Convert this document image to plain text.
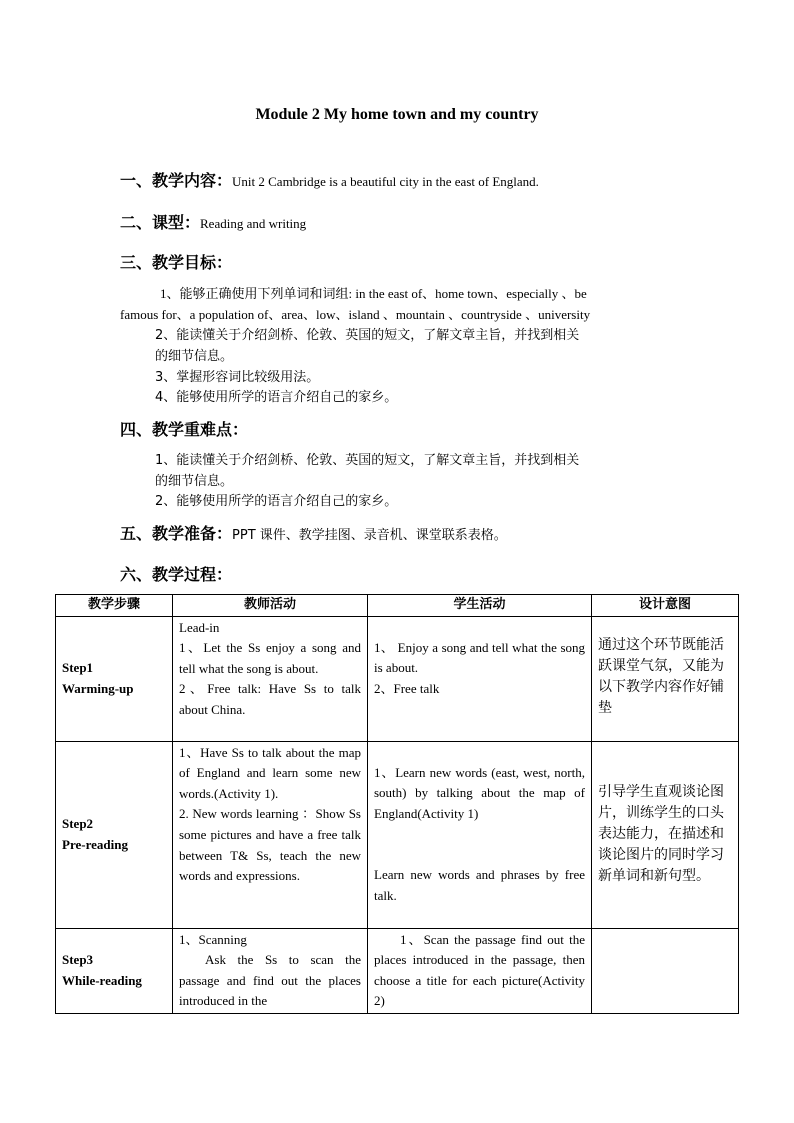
Module 2 My home town and my country
一、教学内容：Unit 2 Cambridge is a beautiful city in the east of England.
二、课型：Reading and writing
三、教学目标：
1、能够正确使用下列单词和词组: in the east of、home town、especially 、be
famous for、a population of、area、low、island 、mountain 、countryside 、university
2、能读懂关于介绍剑桥、伦敦、英国的短文，了解文章主旨，并找到相关
的细节信息。
3、掌握形容词比较级用法。
4、能够使用所学的语言介绍自己的家乡。
四、教学重难点：
1、能读懂关于介绍剑桥、伦敦、英国的短文，了解文章主旨，并找到相关
的细节信息。
2、能够使用所学的语言介绍自己的家乡。
五、教学准备：PPT 课件、教学挂图、录音机、课堂联系表格。
六、教学过程：
教学步骤	教师活动	学生活动	设计意图

Step1
Warming-up	Lead-in
1、Let the Ss enjoy a song and tell what the song is about.
2、Free talk: Have Ss to talk about China.	1、 Enjoy a song and tell what the song is about.
2、Free talk	通过这个环节既能活跃课堂气氛，又能为以下教学内容作好铺垫

Step2
Pre-reading	1、Have Ss to talk about the map of England and learn some new words.(Activity 1).
2. New words learning ：Show Ss some pictures and have a free talk between T& Ss, teach the new words and expressions.	1、Learn new words (east, west, north, south) by talking about the map of England(Activity 1)
Learn new words and phrases by free talk.	引导学生直观谈论图片，训练学生的口头表达能力，在描述和谈论图片的同时学习新单词和新句型。

Step3
While-reading	1、Scanning
Ask the Ss to scan the passage and find out the places introduced in the	1、Scan the passage find out the places introduced in the passage, then choose a title for each picture(Activity 2)	
